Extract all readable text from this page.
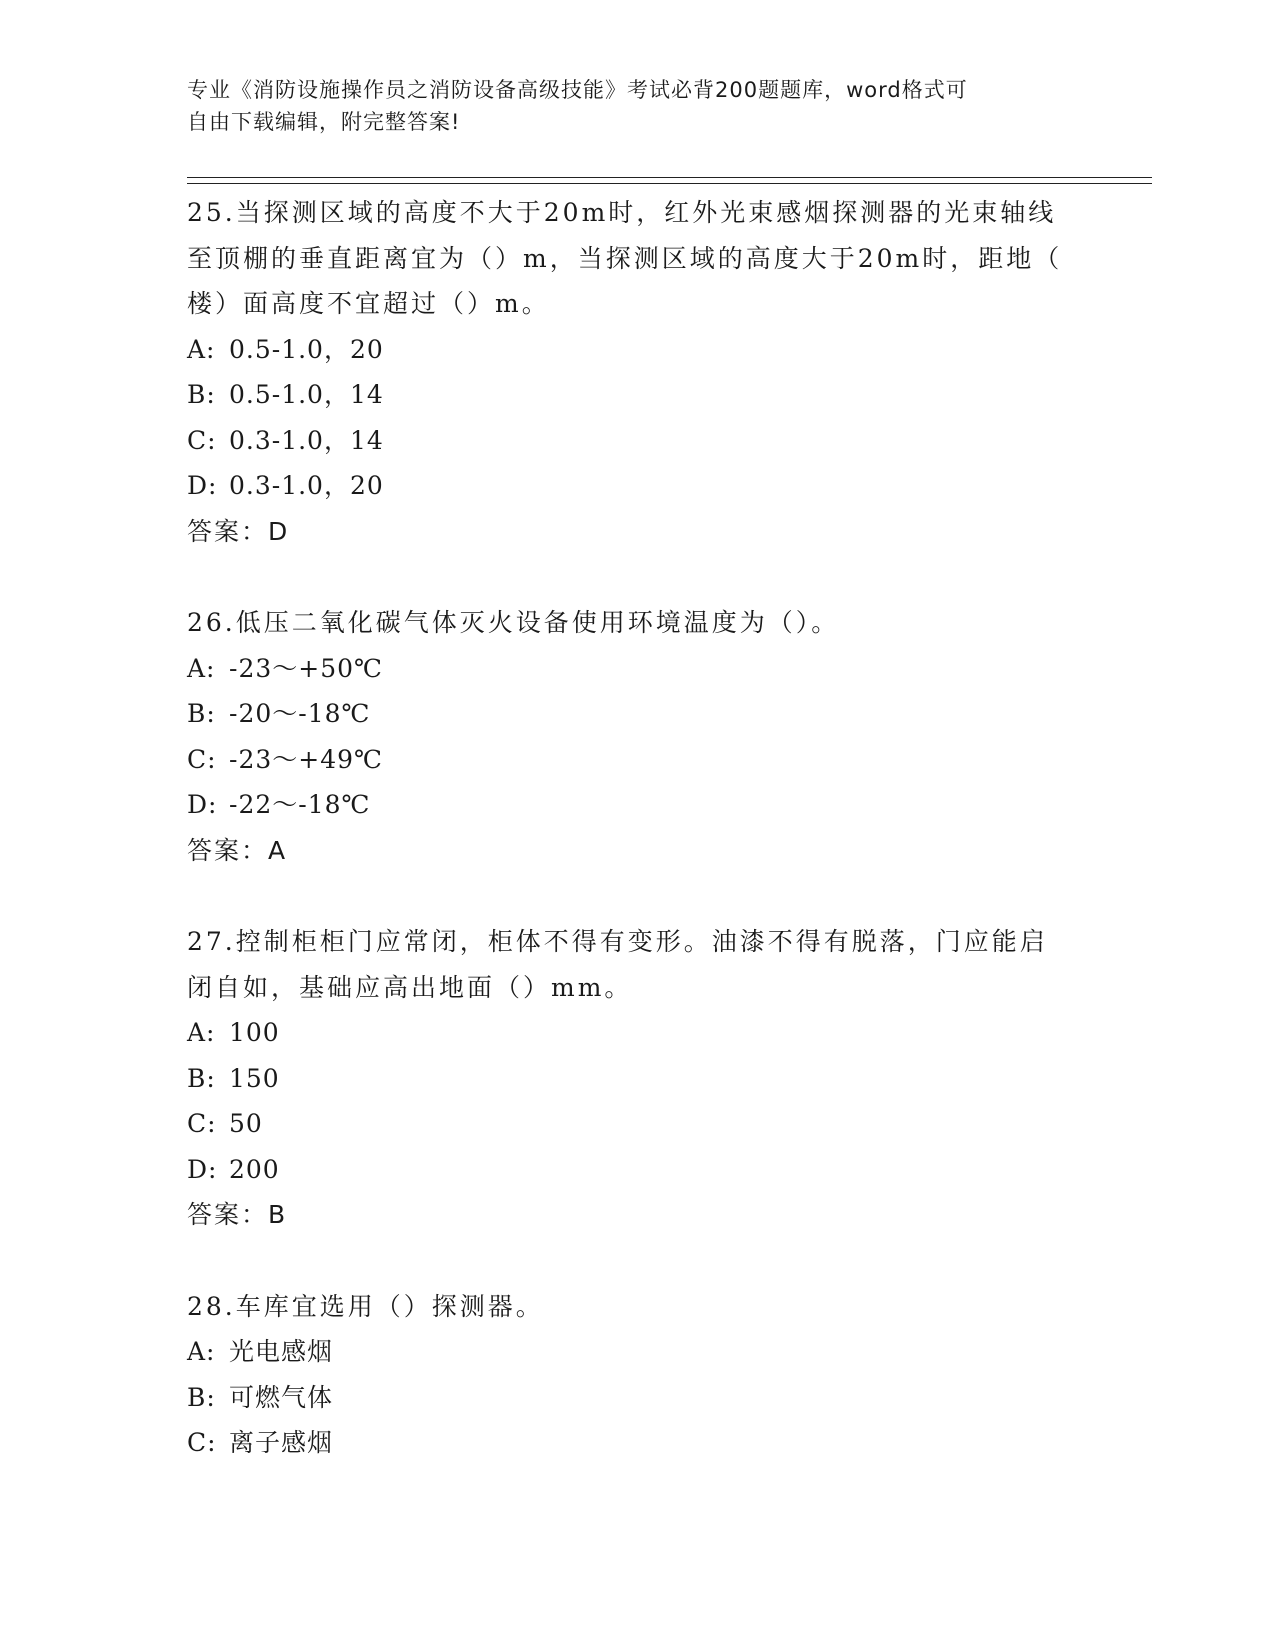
专业《消防设施操作员之消防设备高级技能》考试必背200题题库，word格式可
自由下载编辑，附完整答案!
25.当探测区域的高度不大于20m时，红外光束感烟探测器的光束轴线
至顶棚的垂直距离宜为（）m，当探测区域的高度大于20m时，距地（
楼）面高度不宜超过（）m。
A: 0.5-1.0，20
B: 0.5-1.0，14
C: 0.3-1.0，14
D: 0.3-1.0，20
答案：D
26.低压二氧化碳气体灭火设备使用环境温度为（）。
A: -23～+50℃
B: -20～-18℃
C: -23～+49℃
D: -22～-18℃
答案：A
27.控制柜柜门应常闭，柜体不得有变形。油漆不得有脱落，门应能启
闭自如，基础应高出地面（）mm。
A: 100
B: 150
C: 50
D: 200
答案：B
28.车库宜选用（）探测器。
A: 光电感烟
B: 可燃气体
C: 离子感烟
